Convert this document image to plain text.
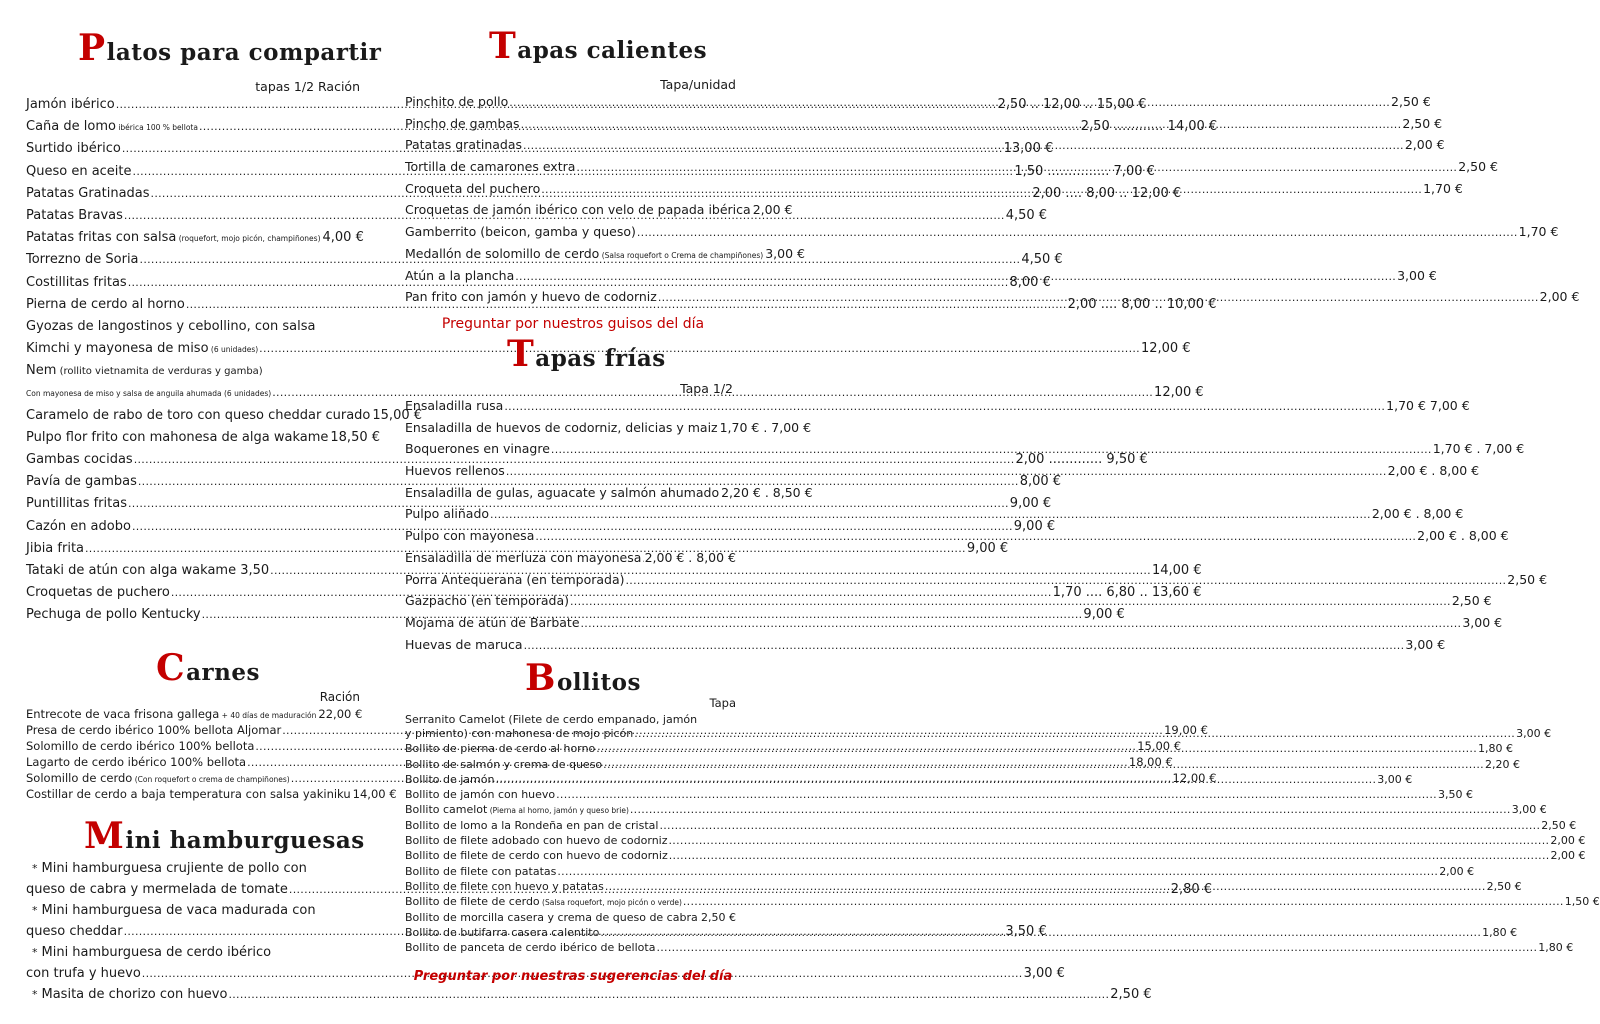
Platos para compartir
tapas 1/2 Ración
Jamón ibérico .....	2,50 .. 12,00 .. 15,00 €
Caña de lomo ibérica 100 % bellota .....	2,50 ............ 14,00 €
Surtido ibérico .....	13,00 €
Queso en aceite .....	1,50 ............... 7,00 €
Patatas Gratinadas .....	2,00 .... 8,00 .. 12,00 €
Patatas Bravas .....	4,50 €
Patatas fritas con salsa (roquefort, mojo picón, champiñones) 4,00 €
Torrezno de Soria .....	4,50 €
Costillitas fritas .....	8,00 €
Pierna de cerdo al horno .....	2,00 .... 8,00 .. 10,00 €
Gyozas de langostinos y cebollino, con salsa
Kimchi y mayonesa de miso (6 unidades) .....	12,00 €
Nem (rollito vietnamita de verduras y gamba)
Con mayonesa de miso y salsa de anguila ahumada (6 unidades) .....	12,00 €
Caramelo de rabo de toro con queso cheddar curado 15,00 €
Pulpo flor frito con mahonesa de alga wakame 18,50 €
Gambas cocidas .....	2,00 ............. 9,50 €
Pavía de gambas .....	8,00 €
Puntillitas fritas .....	9,00 €
Cazón en adobo .....	9,00 €
Jibia frita .....	9,00 €
Tataki de atún con alga wakame 3,50 .....	14,00 €
Croquetas de puchero .....	1,70 .... 6,80 .. 13,60 €
Pechuga de pollo Kentucky .....	9,00 €
Carnes
Ración
Entrecote de vaca frisona gallega + 40 días de maduración 22,00 €
Presa de cerdo ibérico 100% bellota Aljomar .....	19,00 €
Solomillo de cerdo ibérico 100% bellota .....	15,00 €
Lagarto de cerdo ibérico 100% bellota .....	18,00 €
Solomillo de cerdo (Con roquefort o crema de champiñones) .....	12,00 €
Costillar de cerdo a baja temperatura con salsa yakiniku 14,00 €
Mini hamburguesas
* Mini hamburguesa crujiente de pollo con
queso de cabra y mermelada de tomate .....	2,80 €
* Mini hamburguesa de vaca madurada con
queso cheddar .....	3,50 €
* Mini hamburguesa de cerdo ibérico
con trufa y huevo .....	3,00 €
* Masita de chorizo con huevo .....	2,50 €
Tapas calientes
Tapa/unidad
Pinchito de pollo .....	2,50 €
Pincho de gambas .....	2,50 €
Patatas gratinadas .....	2,00 €
Tortilla de camarones extra .....	2,50 €
Croqueta del puchero .....	1,70 €
Croquetas de jamón ibérico con velo de papada ibérica 2,00 €
Gamberrito (beicon, gamba y queso) .....	1,70 €
Medallón de solomillo de cerdo (Salsa roquefort o Crema de champiñones) 3,00 €
Atún a la plancha .....	3,00 €
Pan frito con jamón y huevo de codorniz .....	2,00 €
Preguntar por nuestros guisos del día
Tapas frías
Tapa 1/2
Ensaladilla rusa .....	1,70 € 7,00 €
Ensaladilla de huevos de codorniz, delicias y maiz 1,70 € . 7,00 €
Boquerones en vinagre .....	1,70 € . 7,00 €
Huevos rellenos .....	2,00 € . 8,00 €
Ensaladilla de gulas, aguacate y salmón ahumado 2,20 € . 8,50 €
Pulpo aliñado .....	2,00 € . 8,00 €
Pulpo con mayonesa .....	2,00 € . 8,00 €
Ensaladilla de merluza con mayonesa ..... 2,00 € . 8,00 €
Porra Antequerana (en temporada) .....	2,50 €
Gazpacho (en temporada) .....	2,50 €
Mojama de atún de Barbate .....	3,00 €
Huevas de maruca .....	3,00 €
Bollitos
Tapa
Serranito Camelot (Filete de cerdo empanado, jamón
y pimiento) con mahonesa de mojo picón .....	3,00 €
Bollito de pierna de cerdo al horno .....	1,80 €
Bollito de salmón y crema de queso .....	2,20 €
Bollito de jamón .....	3,00 €
Bollito de jamón con huevo .....	3,50 €
Bollito camelot (Pierna al horno, jamón y queso brie) .....	3,00 €
Bollito de lomo a la Rondeña en pan de cristal .....	2,50 €
Bollito de filete adobado con huevo de codorniz .....	2,00 €
Bollito de filete de cerdo con huevo de codorniz .....	2,00 €
Bollito de filete con patatas .....	2,00 €
Bollito de filete con huevo y patatas .....	2,50 €
Bollito de filete de cerdo (Salsa roquefort, mojo picón o verde) .....	1,50 €
Bollito de morcilla casera y crema de queso de cabra ..... 2,50 €
Bollito de butifarra casera calentito .....	1,80 €
Bollito de panceta de cerdo ibérico de bellota .....	1,80 €
Preguntar por nuestras sugerencias del día
